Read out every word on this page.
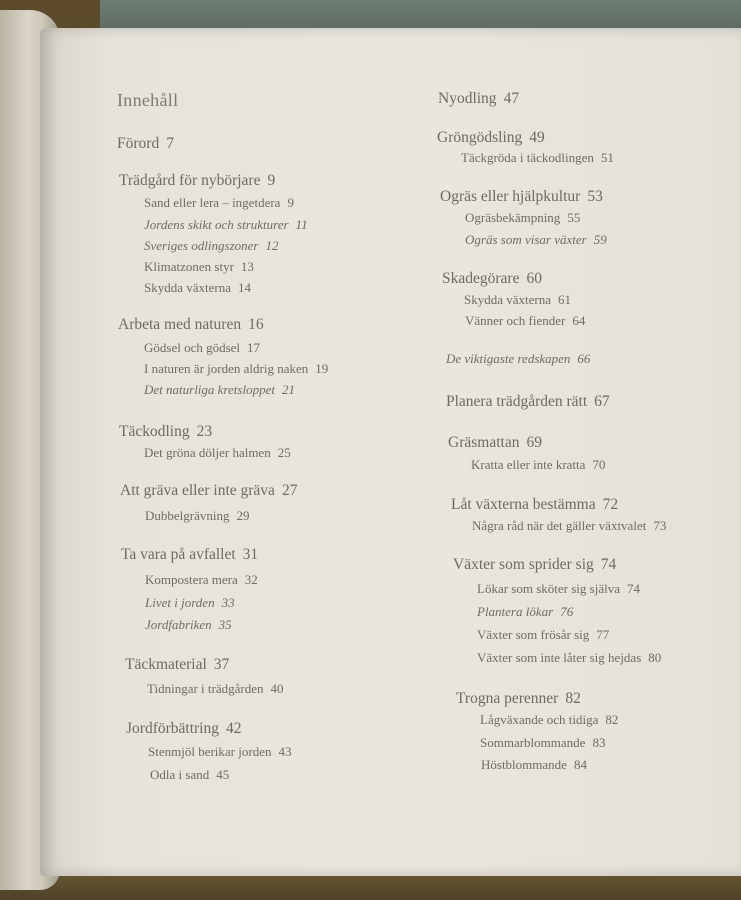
Innehåll
Förord 7
Trädgård för nybörjare 9
Sand eller lera – ingetdera 9
Jordens skikt och strukturer 11
Sveriges odlingszoner 12
Klimatzonen styr 13
Skydda växterna 14
Arbeta med naturen 16
Gödsel och gödsel 17
I naturen är jorden aldrig naken 19
Det naturliga kretsloppet 21
Täckodling 23
Det gröna döljer halmen 25
Att gräva eller inte gräva 27
Dubbelgrävning 29
Ta vara på avfallet 31
Kompostera mera 32
Livet i jorden 33
Jordfabriken 35
Täckmaterial 37
Tidningar i trädgården 40
Jordförbättring 42
Stenmjöl berikar jorden 43
Odla i sand 45
Nyodling 47
Gröngödsling 49
Täckgröda i täckodlingen 51
Ogräs eller hjälpkultur 53
Ogräsbekämpning 55
Ogräs som visar växter 59
Skadegörare 60
Skydda växterna 61
Vänner och fiender 64
De viktigaste redskapen 66
Planera trädgården rätt 67
Gräsmattan 69
Kratta eller inte kratta 70
Låt växterna bestämma 72
Några råd när det gäller växtvalet 73
Växter som sprider sig 74
Lökar som sköter sig själva 74
Plantera lökar 76
Växter som frösår sig 77
Växter som inte låter sig hejdas 80
Trogna perenner 82
Lågväxande och tidiga 82
Sommarblommande 83
Höstblommande 84
